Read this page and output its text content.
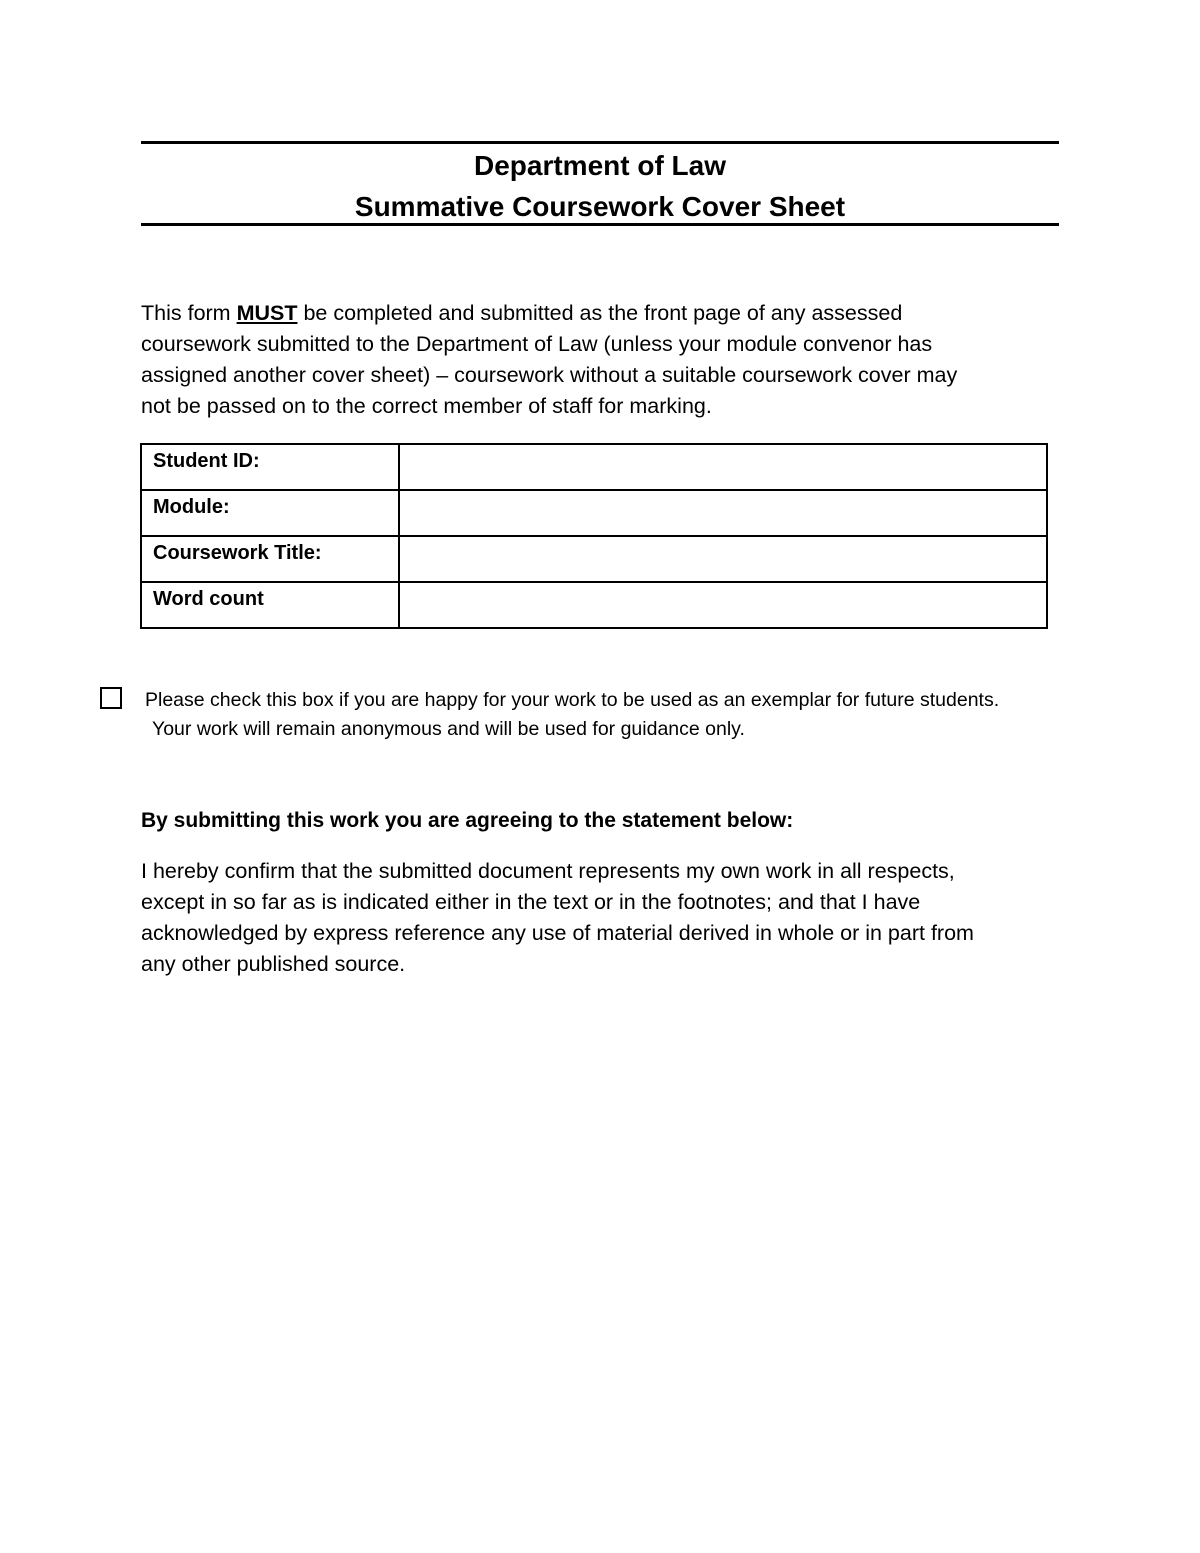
Department of Law
Summative Coursework Cover Sheet
This form MUST be completed and submitted as the front page of any assessed
coursework submitted to the Department of Law (unless your module convenor has
assigned another cover sheet) – coursework without a suitable coursework cover may
not be passed on to the correct member of staff for marking.
Student ID:	
Module:	
Coursework Title:	
Word count	
Please check this box if you are happy for your work to be used as an exemplar for future students.
Your work will remain anonymous and will be used for guidance only.
By submitting this work you are agreeing to the statement below:
I hereby confirm that the submitted document represents my own work in all respects,
except in so far as is indicated either in the text or in the footnotes; and that I have
acknowledged by express reference any use of material derived in whole or in part from
any other published source.
